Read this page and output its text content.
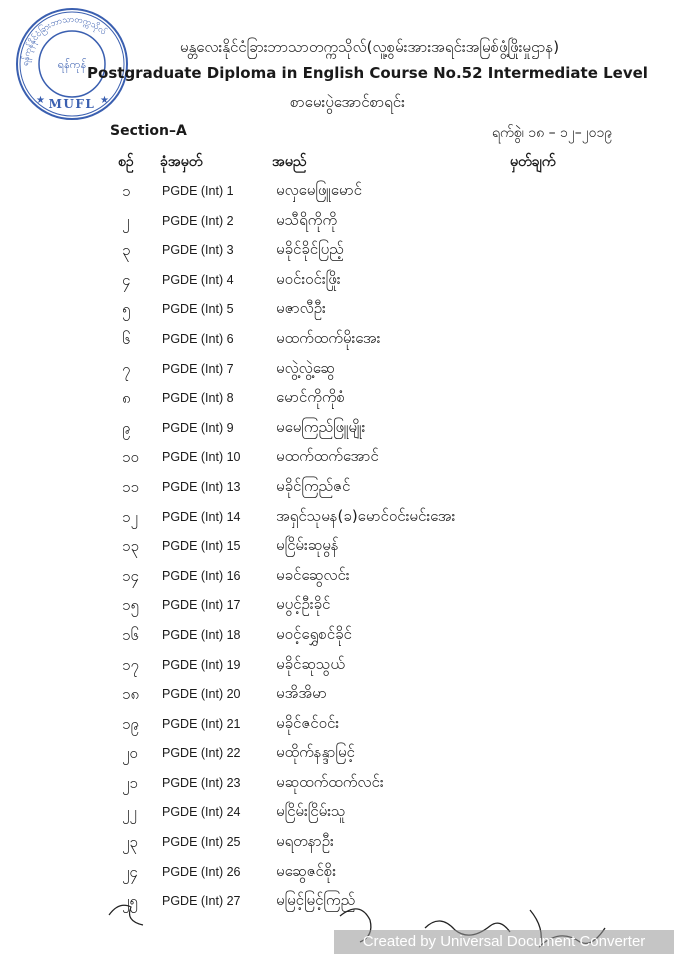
ရန်ကုန်နိုင်ငံခြားဘာသာတက္ကသိုလ်
ရန်ကုန်
MUFL
★	★
မန္တလေးနိုင်ငံခြားဘာသာတက္ကသိုလ်(လူ့စွမ်းအားအရင်းအမြစ်ဖွံ့ဖြိုးမှုဌာန)
Postgraduate Diploma in English Course No.52 Intermediate Level
စာမေးပွဲအောင်စာရင်း
Section–A	ရက်စွဲ၊ ၁၈ – ၁၂–၂၀၁၉
စဉ် ခုံအမှတ်	အမည်	မှတ်ချက်
၁	PGDE (Int) 1	မလှမေဖြူမောင်
၂	PGDE (Int) 2	မသီရိကိုကို
၃	PGDE (Int) 3	မခိုင်ခိုင်ပြည့်
၄	PGDE (Int) 4	မဝင်းဝင်းဖြိုး
၅	PGDE (Int) 5	မဇာလီဦး
၆	PGDE (Int) 6	မထက်ထက်မိုးအေး
၇	PGDE (Int) 7	မလွဲ့လွဲ့ဆွေ
၈	PGDE (Int) 8	မောင်ကိုကိုစံ
၉	PGDE (Int) 9	မမေကြည်ဖြူမျိုး
၁၀ PGDE (Int) 10 မထက်ထက်အောင်
၁၁ PGDE (Int) 13 မခိုင်ကြည်ဇင်
၁၂ PGDE (Int) 14 အရှင်သုမန(ခ)မောင်ဝင်းမင်းအေး
၁၃ PGDE (Int) 15 မငြိမ်းဆုမွန်
၁၄ PGDE (Int) 16 မခင်ဆွေလင်း
၁၅ PGDE (Int) 17 မပွင့်ဦးခိုင်
၁၆ PGDE (Int) 18 မဝင့်ရွှေစင်ခိုင်
၁၇ PGDE (Int) 19 မခိုင်ဆုသွယ်
၁၈ PGDE (Int) 20 မအိအိမာ
၁၉ PGDE (Int) 21 မခိုင်ဇင်ဝင်း
၂၀ PGDE (Int) 22 မထိုက်နန္ဒာမြင့်
၂၁ PGDE (Int) 23 မဆုထက်ထက်လင်း
၂၂ PGDE (Int) 24 မငြိမ်းငြိမ်းသူ
၂၃ PGDE (Int) 25 မရတနာဦး
၂၄ PGDE (Int) 26 မဆွေဇင်စိုး
၂၅ PGDE (Int) 27 မမြင့်မြင့်ကြည်
Created by Universal Document Converter
